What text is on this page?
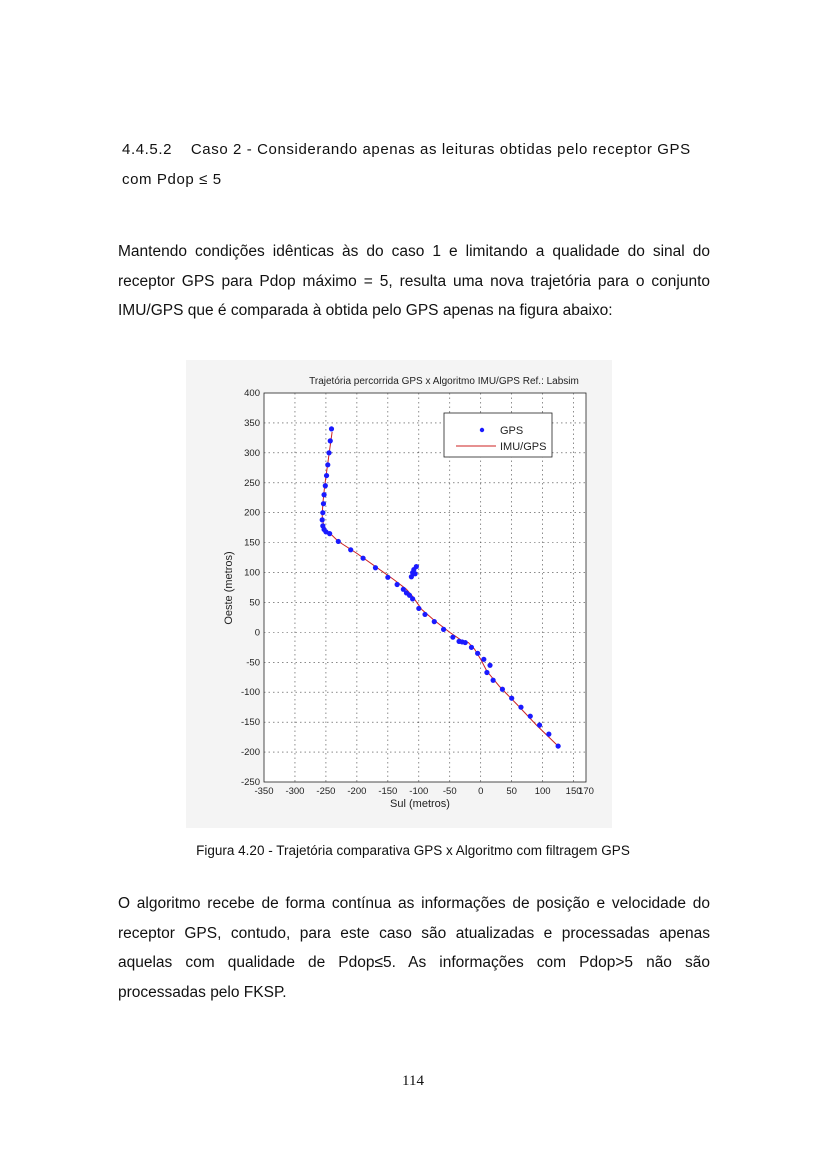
4.4.5.2 Caso 2 - Considerando apenas as leituras obtidas pelo receptor GPS com Pdop ≤ 5
Mantendo condições idênticas às do caso 1 e limitando a qualidade do sinal do receptor GPS para Pdop máximo = 5, resulta uma nova trajetória para o conjunto IMU/GPS que é comparada à obtida pelo GPS apenas na figura abaixo:
Trajetória percorrida GPS x Algoritmo IMU/GPS Ref.: Labsim
-350 -300 -250 -200 -150 -100 -50 0 50 100 150
170
400
350
300
250
200
150
100
50
0
-50
-100
-150
-200
-250
Sul (metros)
Oeste (metros)
GPS
IMU/GPS
Figura 4.20 - Trajetória comparativa GPS x Algoritmo com filtragem GPS
O algoritmo recebe de forma contínua as informações de posição e velocidade do receptor GPS, contudo, para este caso são atualizadas e processadas apenas aquelas com qualidade de Pdop≤5. As informações com Pdop>5 não são processadas pelo FKSP.
114
